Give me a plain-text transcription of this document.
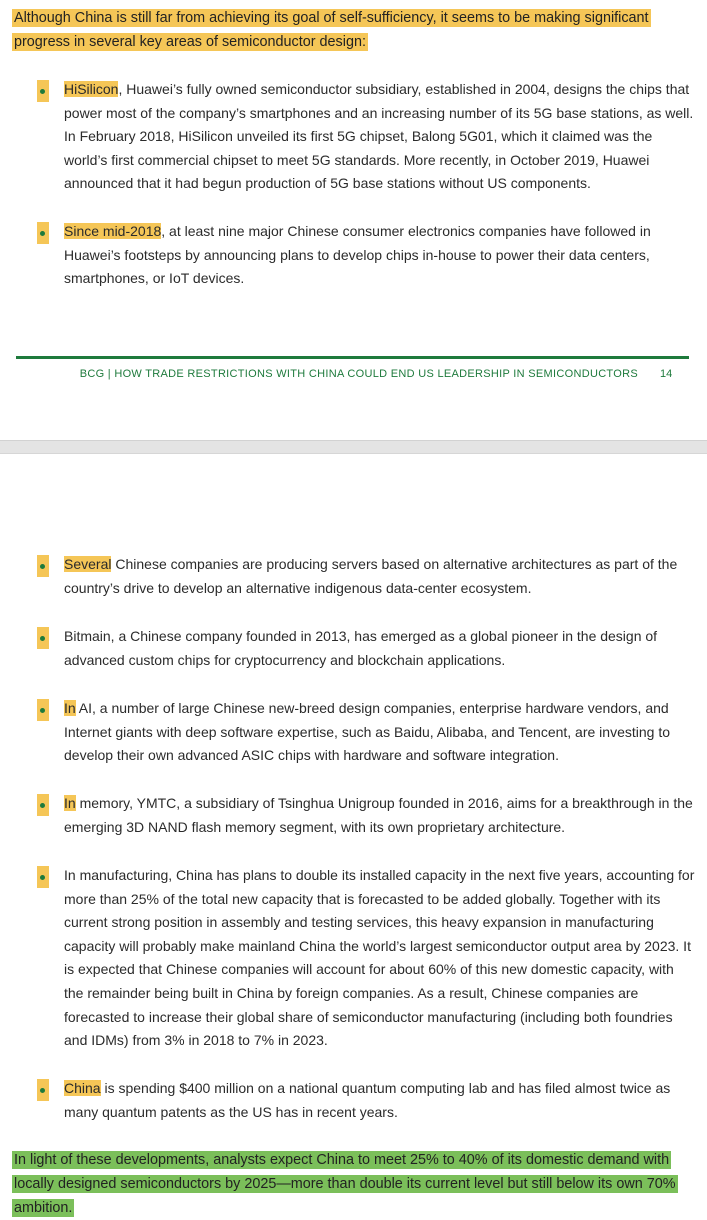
Although China is still far from achieving its goal of self-sufficiency, it seems to be making significant progress in several key areas of semiconductor design:

HiSilicon, Huawei’s fully owned semiconductor subsidiary, established in 2004, designs the chips that power most of the company’s smartphones and an increasing number of its 5G base stations, as well. In February 2018, HiSilicon unveiled its first 5G chipset, Balong 5G01, which it claimed was the world’s first commercial chipset to meet 5G standards. More recently, in October 2019, Huawei announced that it had begun production of 5G base stations without US components.

Since mid-2018, at least nine major Chinese consumer electronics companies have followed in Huawei’s footsteps by announcing plans to develop chips in-house to power their data centers, smartphones, or IoT devices.

BCG | HOW TRADE RESTRICTIONS WITH CHINA COULD END US LEADERSHIP IN SEMICONDUCTORS 14

Several Chinese companies are producing servers based on alternative architectures as part of the country’s drive to develop an alternative indigenous data-center ecosystem.

Bitmain, a Chinese company founded in 2013, has emerged as a global pioneer in the design of advanced custom chips for cryptocurrency and blockchain applications.

In AI, a number of large Chinese new-breed design companies, enterprise hardware vendors, and Internet giants with deep software expertise, such as Baidu, Alibaba, and Tencent, are investing to develop their own advanced ASIC chips with hardware and software integration.

In memory, YMTC, a subsidiary of Tsinghua Unigroup founded in 2016, aims for a breakthrough in the emerging 3D NAND flash memory segment, with its own proprietary architecture.

In manufacturing, China has plans to double its installed capacity in the next five years, accounting for more than 25% of the total new capacity that is forecasted to be added globally. Together with its current strong position in assembly and testing services, this heavy expansion in manufacturing capacity will probably make mainland China the world’s largest semiconductor output area by 2023. It is expected that Chinese companies will account for about 60% of this new domestic capacity, with the remainder being built in China by foreign companies. As a result, Chinese companies are forecasted to increase their global share of semiconductor manufacturing (including both foundries and IDMs) from 3% in 2018 to 7% in 2023.

China is spending $400 million on a national quantum computing lab and has filed almost twice as many quantum patents as the US has in recent years.

In light of these developments, analysts expect China to meet 25% to 40% of its domestic demand with locally designed semiconductors by 2025—more than double its current level but still below its own 70% ambition.
